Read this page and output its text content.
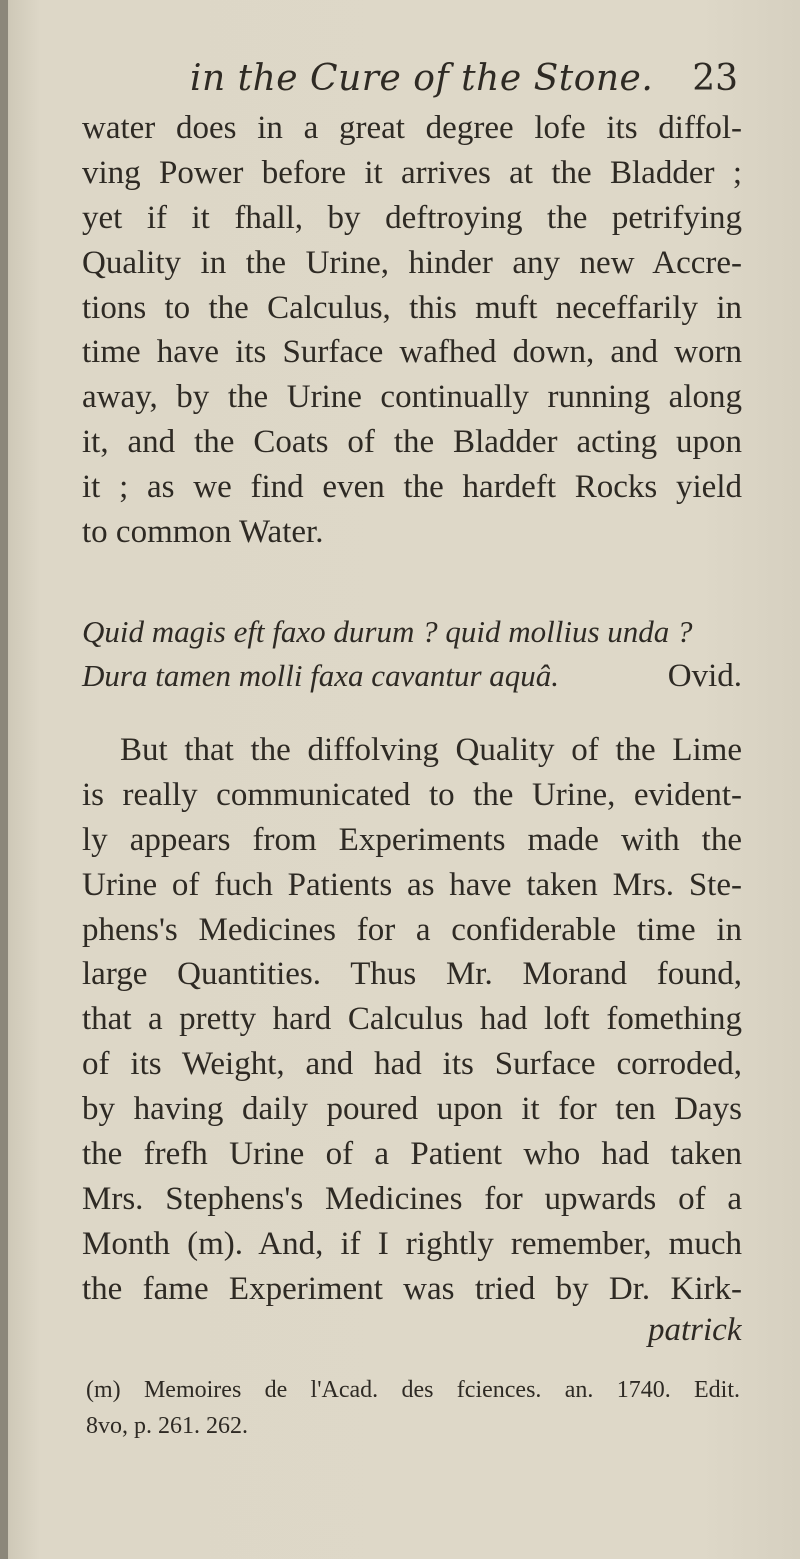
in the Cure of the Stone. 23
water does in a great degree lofe its diffol-
ving Power before it arrives at the Bladder ;
yet if it fhall, by deftroying the petrifying
Quality in the Urine, hinder any new Accre-
tions to the Calculus, this muft neceffarily in
time have its Surface wafhed down, and worn
away, by the Urine continually running along
it, and the Coats of the Bladder acting upon
it ; as we find even the hardeft Rocks yield
to common Water.
Quid magis eft faxo durum ? quid mollius unda ?
Dura tamen molli faxa cavantur aquâ.	Ovid.
But that the diffolving Quality of the Lime
is really communicated to the Urine, evident-
ly appears from Experiments made with the
Urine of fuch Patients as have taken Mrs. Ste-
phens's Medicines for a confiderable time in
large Quantities. Thus Mr. Morand found,
that a pretty hard Calculus had loft fomething
of its Weight, and had its Surface corroded,
by having daily poured upon it for ten Days
the frefh Urine of a Patient who had taken
Mrs. Stephens's Medicines for upwards of a
Month (m). And, if I rightly remember, much
the fame Experiment was tried by Dr. Kirk-
patrick
(m) Memoires de l'Acad. des fciences. an. 1740. Edit.
8vo, p. 261. 262.
